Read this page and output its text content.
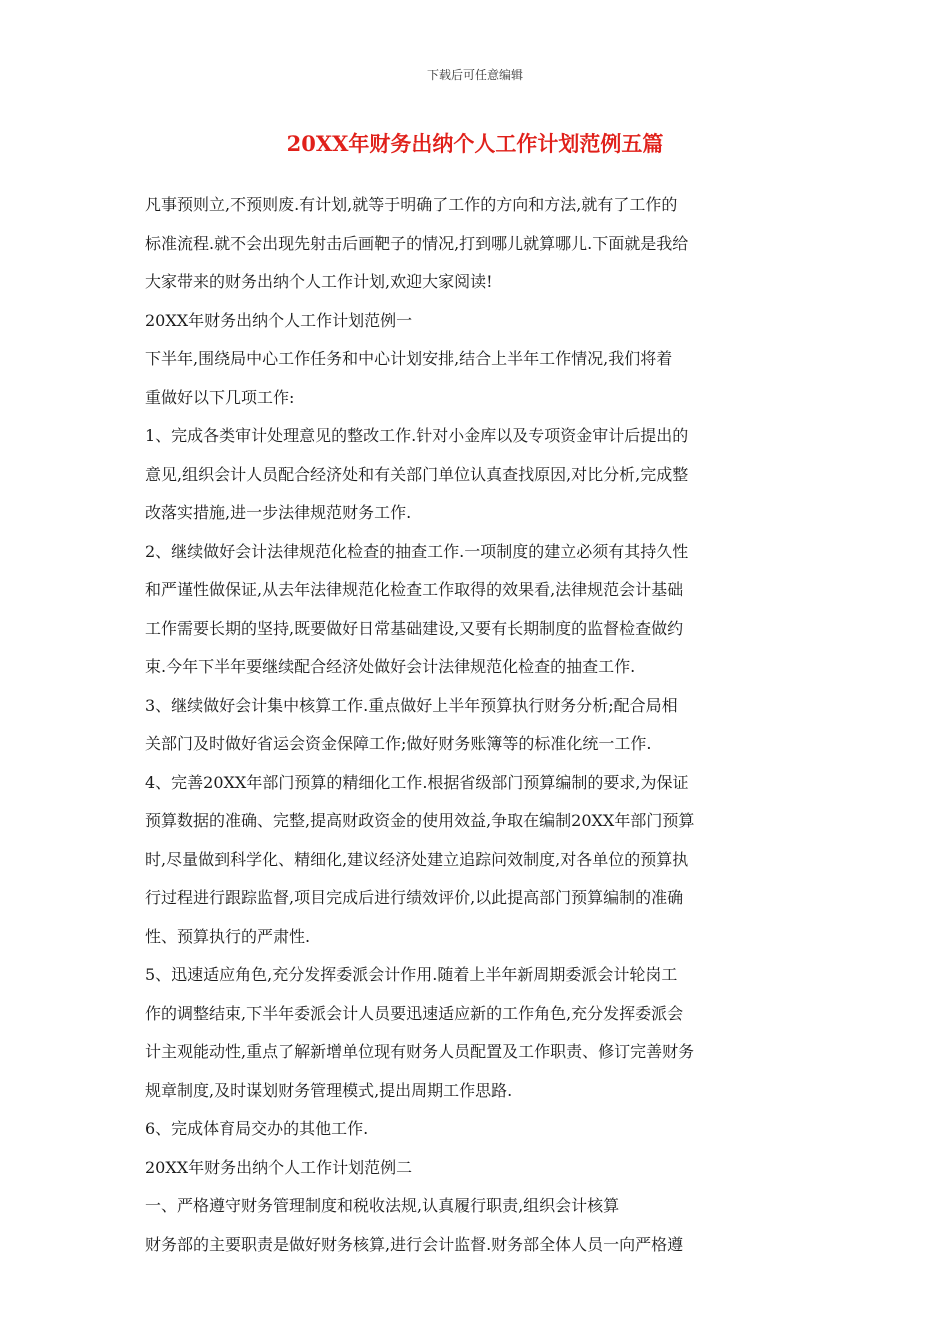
下载后可任意编辑
20XX年财务出纳个人工作计划范例五篇
凡事预则立,不预则废.有计划,就等于明确了工作的方向和方法,就有了工作的
标准流程.就不会出现先射击后画靶子的情况,打到哪儿就算哪儿.下面就是我给
大家带来的财务出纳个人工作计划,欢迎大家阅读!
20XX年财务出纳个人工作计划范例一
下半年,围绕局中心工作任务和中心计划安排,结合上半年工作情况,我们将着
重做好以下几项工作:
1、完成各类审计处理意见的整改工作.针对小金库以及专项资金审计后提出的
意见,组织会计人员配合经济处和有关部门单位认真查找原因,对比分析,完成整
改落实措施,进一步法律规范财务工作.
2、继续做好会计法律规范化检查的抽查工作.一项制度的建立必须有其持久性
和严谨性做保证,从去年法律规范化检查工作取得的效果看,法律规范会计基础
工作需要长期的坚持,既要做好日常基础建设,又要有长期制度的监督检查做约
束.今年下半年要继续配合经济处做好会计法律规范化检查的抽查工作.
3、继续做好会计集中核算工作.重点做好上半年预算执行财务分析;配合局相
关部门及时做好省运会资金保障工作;做好财务账簿等的标准化统一工作.
4、完善20XX年部门预算的精细化工作.根据省级部门预算编制的要求,为保证
预算数据的准确、完整,提高财政资金的使用效益,争取在编制20XX年部门预算
时,尽量做到科学化、精细化,建议经济处建立追踪问效制度,对各单位的预算执
行过程进行跟踪监督,项目完成后进行绩效评价,以此提高部门预算编制的准确
性、预算执行的严肃性.
5、迅速适应角色,充分发挥委派会计作用.随着上半年新周期委派会计轮岗工
作的调整结束,下半年委派会计人员要迅速适应新的工作角色,充分发挥委派会
计主观能动性,重点了解新增单位现有财务人员配置及工作职责、修订完善财务
规章制度,及时谋划财务管理模式,提出周期工作思路.
6、完成体育局交办的其他工作.
20XX年财务出纳个人工作计划范例二
一、严格遵守财务管理制度和税收法规,认真履行职责,组织会计核算
财务部的主要职责是做好财务核算,进行会计监督.财务部全体人员一向严格遵
